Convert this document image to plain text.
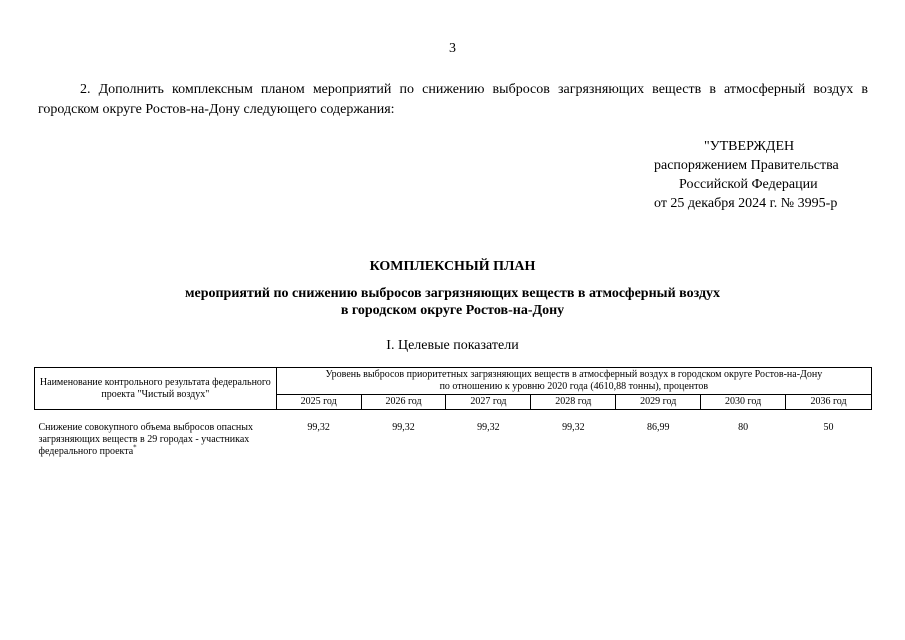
3
2. Дополнить комплексным планом мероприятий по снижению выбросов загрязняющих веществ в атмосферный воздух в городском округе Ростов-на-Дону следующего содержания:
"УТВЕРЖДЕН
распоряжением Правительства
Российской Федерации
от 25 декабря 2024 г. № 3995-р
КОМПЛЕКСНЫЙ ПЛАН
мероприятий по снижению выбросов загрязняющих веществ в атмосферный воздух
в городском округе Ростов-на-Дону
I. Целевые показатели
Наименование контрольного результата федерального проекта "Чистый воздух"	Уровень выбросов приоритетных загрязняющих веществ в атмосферный воздух в городском округе Ростов-на-Дону
по отношению к уровню 2020 года (4610,88 тонны), процентов						

	2025 год	2026 год	2027 год	2028 год	2029 год	2030 год	2036 год
Снижение совокупного объема выбросов опасных загрязняющих веществ в 29 городах - участниках федерального проекта*	99,32	99,32	99,32	99,32	86,99	80	50
